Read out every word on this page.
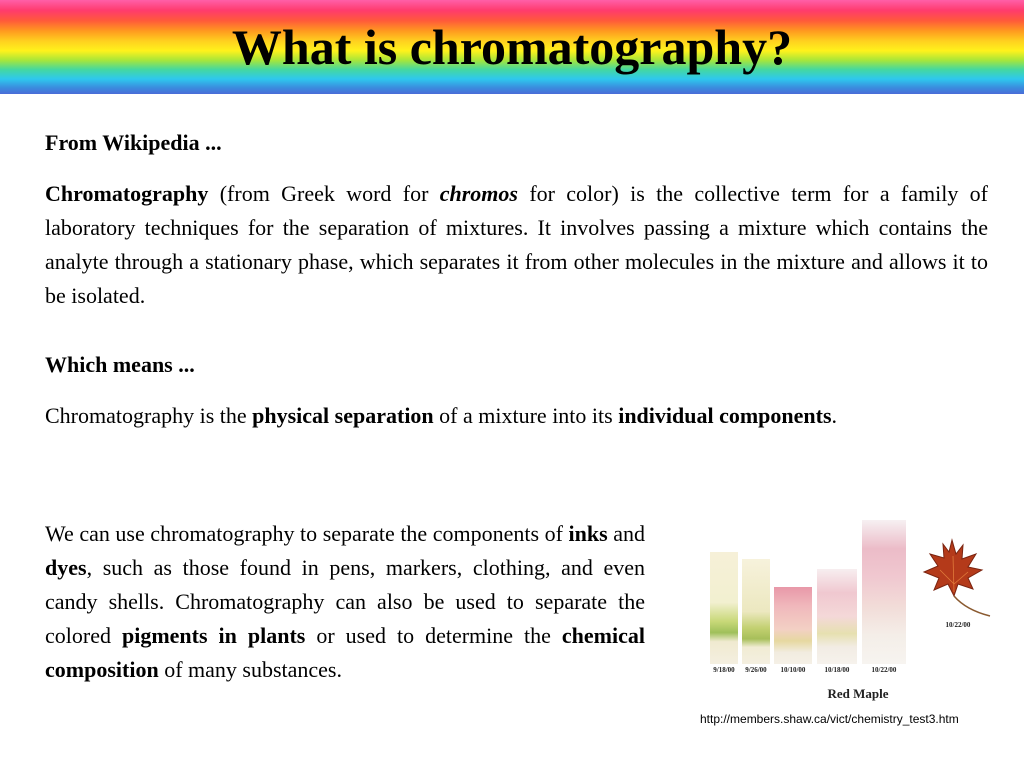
What is chromatography?
From Wikipedia ...
Chromatography (from Greek word for chromos for color) is the collective term for a family of laboratory techniques for the separation of mixtures. It involves passing a mixture which contains the analyte through a stationary phase, which separates it from other molecules in the mixture and allows it to be isolated.
Which means ...
Chromatography is the physical separation of a mixture into its individual components.
We can use chromatography to separate the components of inks and dyes, such as those found in pens, markers, clothing, and even candy shells. Chromatography can also be used to separate the colored pigments in plants or used to determine the chemical composition of many substances.	9/18/00 9/26/00 10/10/00	10/18/00	10/22/00
10/22/00
Red Maple
http://members.shaw.ca/vict/chemistry_test3.htm
